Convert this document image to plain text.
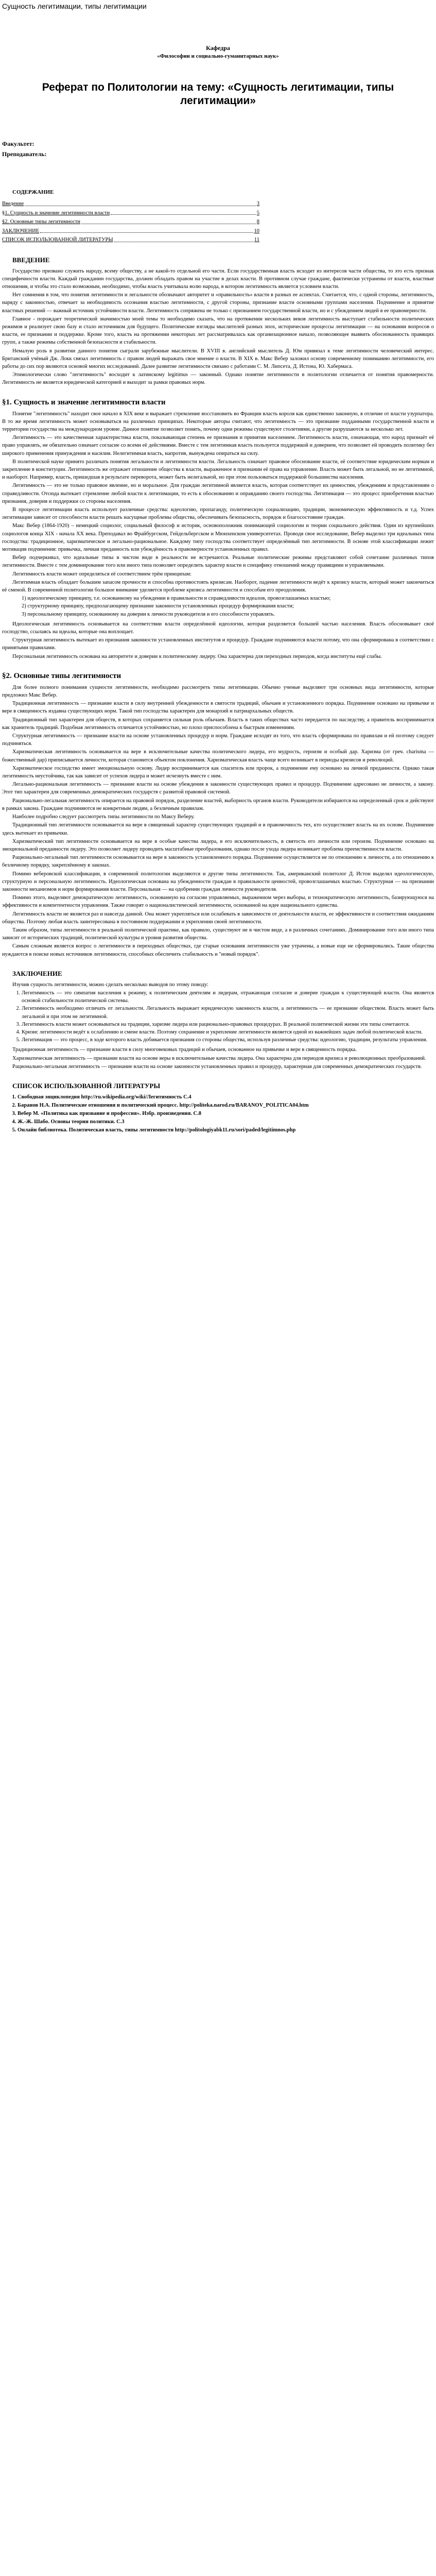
Сущность легитимации, типы легитимации

Кафедра

«Философии и социально-гуманитарных наук»

Реферат по Политологии на тему: «Сущность легитимации, типы легитимации»
Факультет:
Преподаватель:
СОДЕРЖАНИЕ
Введение	3
§1. Сущность и значение легитимности власти	5
§2. Основные типы легитимности	8
ЗАКЛЮЧЕНИЕ	10
СПИСОК ИСПОЛЬЗОВАННОЙ ЛИТЕРАТУРЫ	11
ВВЕДЕНИЕ

Государство призвано служить народу, всему обществу, а не какой-то отдельной его части. Если государственная власть исходит из интересов части общества, то это есть признак специфичности власти. Каждый гражданин государства, должен обладать правом на участие в делах власти. В противном случае граждане, фактически устранены от власти, властные отношения, и чтобы это стало возможным, необходимо, чтобы власть учитывала волю народа, в котором легитимность является условием власти.

Нет сомнения в том, что понятия легитимности и легальности обозначают авторитет и «правильность» власти в разных ее аспектах. Считается, что, с одной стороны, легитимность, наряду с законностью, отвечает за необходимость осознания властью легитимности, с другой стороны, признание власти основными группами населения. Подчинение и принятие властных решений — важный источник устойчивости власти. Легитимность сопряжена не только с признанием государственной власти, но и с убеждением людей в ее правомерности.

Главное - порождает теоретической значимостью моей темы то необходимо сказать, что на протяжении нескольких веков легитимность выступает стабильности политических режимов и реализует свою базу и стало источником для будущего. Политические взгляды мыслителей разных эпох, исторические процессы легитимации — на основании вопросов о власти, ее признании и поддержке. Кроме того, власть на протяжении некоторых лет рассматривалась как организационное начало, позволяющее выявить обоснованность правящих групп, а также режимы собственной безопасности и стабильности.

Немалую роль в развитии данного понятия сыграли зарубежные мыслители. В XVIII в. английский мыслитель Д. Юм привязал к теме легитимности человеческий интерес. Британский учёный Дж. Локк связал легитимность с правом людей выражать свое мнение о власти. В XIX в. Макс Вебер заложил основу современному пониманию легитимности, его работы до сих пор являются основой многих исследований. Далее развитие легитимности связано с работами С. М. Липсета, Д. Истона, Ю. Хабермаса.

Этимологически слово "легитимность" восходит к латинскому legitimus — законный. Однако понятие легитимности в политологии отличается от понятия правомерности. Легитимность не является юридической категорией и выходит за рамки правовых норм.

§1. Сущность и значение легитимности власти

Понятие "легитимность" находит свое начало в XIX веке и выражает стремление восстановить во Франции власть короля как единственно законную, в отличие от власти узурпатора. В то же время легитимность может основываться на различных принципах. Некоторые авторы считают, что легитимность — это признание подданными государственной власти и территории государства на международном уровне. Данное понятие позволяет понять, почему одни режимы существуют столетиями, а другие разрушаются за несколько лет.

Легитимность — это качественная характеристика власти, показывающая степень ее признания и принятия населением. Легитимность власти, означающая, что народ признаёт её право управлять, не обязательно означает согласие со всеми её действиями. Вместе с тем легитимная власть пользуется поддержкой и доверием, что позволяет ей проводить политику без широкого применения принуждения и насилия. Нелегитимная власть, напротив, вынуждена опираться на силу.

В политической науке принято различать понятия легальности и легитимности власти. Легальность означает правовое обоснование власти, её соответствие юридическим нормам и закрепление в конституции. Легитимность же отражает отношение общества к власти, выраженное в признании её права на управление. Власть может быть легальной, но не легитимной, и наоборот. Например, власть, пришедшая в результате переворота, может быть нелегальной, но при этом пользоваться поддержкой большинства населения.

Легитимность — это не только правовое явление, но и моральное. Для граждан легитимной является власть, которая соответствует их ценностям, убеждениям и представлениям о справедливости. Отсюда вытекает стремление любой власти к легитимации, то есть к обоснованию и оправданию своего господства. Легитимация — это процесс приобретения властью признания, доверия и поддержки со стороны населения.

В процессе легитимации власть использует различные средства: идеологию, пропаганду, политическую социализацию, традиции, экономическую эффективность и т.д. Успех легитимации зависит от способности власти решать насущные проблемы общества, обеспечивать безопасность, порядок и благосостояние граждан.

Макс Вебер (1864-1920) – немецкий социолог, социальный философ и историк, основоположник понимающей социологии и теории социального действия. Один из крупнейших социологов конца XIX - начала XX века. Преподавал во Фрайбургском, Гейдельбергском и Мюнхенском университетах. Проводя свое исследование, Вебер выделил три идеальных типа господства: традиционное, харизматическое и легально-рациональное. Каждому типу господства соответствует определённый тип легитимности. В основе этой классификации лежит мотивация подчинения: привычка, личная преданность или убеждённость в правомерности установленных правил.

Вебер подчеркивал, что идеальные типы в чистом виде в реальности не встречаются. Реальные политические режимы представляют собой сочетание различных типов легитимности. Вместе с тем доминирование того или иного типа позволяет определить характер власти и специфику отношений между правящими и управляемыми.

Легитимность власти может определяться её соответствием трём принципам:

Легитимная власть обладает большим запасом прочности и способна противостоять кризисам. Наоборот, падение легитимности ведёт к кризису власти, который может закончиться её сменой. В современной политологии большое внимание уделяется проблеме кризиса легитимности и способам его преодоления.

1) идеологическому принципу, т.е. основанному на убеждении в правильности и справедливости идеалов, провозглашаемых властью;
2) структурному принципу, предполагающему признание законности установленных процедур формирования власти;
3) персональному принципу, основанному на доверии к личности руководителя и его способности управлять.

Идеологическая легитимность основывается на соответствии власти определённой идеологии, которая разделяется большей частью населения. Власть обосновывает своё господство, ссылаясь на идеалы, которые она воплощает.

Структурная легитимность вытекает из признания законности установленных институтов и процедур. Граждане подчиняются власти потому, что она сформирована в соответствии с принятыми правилами.

Персональная легитимность основана на авторитете и доверии к политическому лидеру. Она характерна для переходных периодов, когда институты ещё слабы.

§2. Основные типы легитимности

Для более полного понимания сущности легитимности, необходимо рассмотреть типы легитимации. Обычно ученые выделяют три основных вида легитимности, которые предложил Макс Вебер.

Традиционная легитимность — признание власти в силу внутренней убежденности в святости традиций, обычаев и установленного порядка. Подчинение основано на привычке и вере в священность издавна существующих норм. Такой тип господства характерен для монархий и патриархальных обществ.

Традиционный тип характерен для обществ, в которых сохраняется сильная роль обычаев. Власть в таких обществах часто передается по наследству, а правитель воспринимается как хранитель традиций. Подобная легитимность отличается устойчивостью, но плохо приспособлена к быстрым изменениям.

Структурная легитимность — признание власти на основе установленных процедур и норм. Граждане исходят из того, что власть сформирована по правилам и ей поэтому следует подчиняться.

Харизматическая легитимность основывается на вере в исключительные качества политического лидера, его мудрость, героизм и особый дар. Харизма (от греч. charisma — божественный дар) приписывается личности, которая становится объектом поклонения. Харизматическая власть чаще всего возникает в периоды кризисов и революций.

Харизматическое господство имеет эмоциональную основу. Лидер воспринимается как спаситель или пророк, а подчинение ему основано на личной преданности. Однако такая легитимность неустойчива, так как зависит от успехов лидера и может исчезнуть вместе с ним.

Легально-рациональная легитимность — признание власти на основе убеждения в законности существующих правил и процедур. Подчинение адресовано не личности, а закону. Этот тип характерен для современных демократических государств с развитой правовой системой.

Рационально-легальная легитимность опирается на правовой порядок, разделение властей, выборность органов власти. Руководители избираются на определенный срок и действуют в рамках закона. Граждане подчиняются не конкретным людям, а безличным правилам.

Наиболее подробно следует рассмотреть типы легитимности по Максу Веберу.

Традиционный тип легитимности основывается на вере в священный характер существующих традиций и в правомочность тех, кто осуществляет власть на их основе. Подчинение здесь вытекает из привычки.

Харизматический тип легитимности основывается на вере в особые качества лидера, в его исключительность, в святость его личности или героизм. Подчинение основано на эмоциональной преданности лидеру. Это позволяет лидеру проводить масштабные преобразования, однако после ухода лидера возникает проблема преемственности власти.

Рационально-легальный тип легитимности основывается на вере в законность установленного порядка. Подчинение осуществляется не по отношению к личности, а по отношению к безличному порядку, закреплённому в законах.

Помимо веберовской классификации, в современной политологии выделяются и другие типы легитимности. Так, американский политолог Д. Истон выделял идеологическую, структурную и персональную легитимность. Идеологическая основана на убежденности граждан в правильности ценностей, провозглашаемых властью. Структурная — на признании законности механизмов и норм формирования власти. Персональная — на одобрении граждан личности руководителя.

Помимо этого, выделяют демократическую легитимность, основанную на согласии управляемых, выраженном через выборы, и технократическую легитимность, базирующуюся на эффективности и компетентности управления. Также говорят о националистической легитимности, основанной на идее национального единства.

Легитимность власти не является раз и навсегда данной. Она может укрепляться или ослабевать в зависимости от деятельности власти, ее эффективности и соответствия ожиданиям общества. Поэтому любая власть заинтересована в постоянном поддержании и укреплении своей легитимности.

Таким образом, типы легитимности в реальной политической практике, как правило, существуют не в чистом виде, а в различных сочетаниях. Доминирование того или иного типа зависит от исторических традиций, политической культуры и уровня развития общества.

Самым сложным является вопрос о легитимности в переходных обществах, где старые основания легитимности уже утрачены, а новые еще не сформировались. Такие общества нуждаются в поиске новых источников легитимности, способных обеспечить стабильность и "новый порядок".

ЗАКЛЮЧЕНИЕ

Изучив сущность легитимности, можно сделать несколько выводов по этому поводу:

1. Легитимность — это симпатия населения к режиму, к политическим деятелям и лидерам, отражающая согласие и доверие граждан к существующей власти. Она является основой стабильности политической системы.
2. Легитимность необходимо отличать от легальности. Легальность выражает юридическую законность власти, а легитимность — ее признание обществом. Власть может быть легальной и при этом не легитимной.
3. Легитимность власти может основываться на традиции, харизме лидера или рационально-правовых процедурах. В реальной политической жизни эти типы сочетаются.
4. Кризис легитимности ведёт к ослаблению и смене власти. Поэтому сохранение и укрепление легитимности является одной из важнейших задач любой политической власти.
5. Легитимация — это процесс, в ходе которого власть добивается признания со стороны общества, используя различные средства: идеологию, традиции, результаты управления.

Традиционная легитимность — признание власти в силу многовековых традиций и обычаев, основанное на привычке и вере в священность порядка.

Харизматическая легитимность — признание власти на основе веры в исключительные качества лидера. Она характерна для периодов кризиса и революционных преобразований.

Рационально-легальная легитимность — признание власти на основе законности установленных правил и процедур, характерная для современных демократических государств.

СПИСОК ИСПОЛЬЗОВАННОЙ ЛИТЕРАТУРЫ
1. Свободная энциклопедия http://ru.wikipedia.org/wiki/Легитимность С.4
2. Баранов Н.А. Политические отношения и политический процесс. http://politeka.narod.ru/BARANOV_POLITICA04.htm
3. Вебер М. «Политика как призвание и профессия». Избр. произведения. С.8
4. Ж.-Ж. Шабо. Основы теории политики. С.3
5. Онлайн библиотека. Политическая власть, типы легитимности http://politologiyabk11.ru/sori/paded/legitimnos.php
